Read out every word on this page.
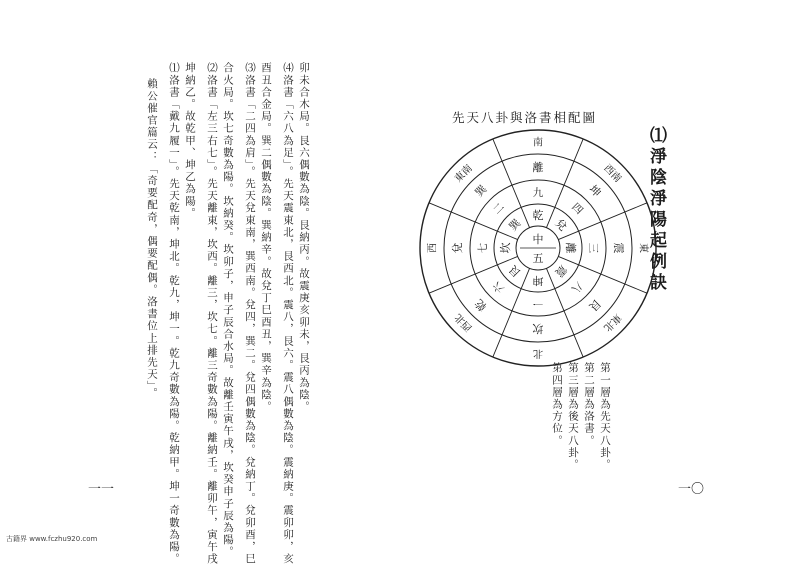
賴公催官篇云：「奇要配奇，偶要配偶。洛書位上排先天」。 ⑴洛書「戴九履一」。先天乾南，坤北。乾九，坤一。乾九奇數為陽。乾納甲。坤一奇數為陽。 坤納乙。故乾甲、坤乙為陽。 ⑵洛書「左三右七」。先天離東，坎西。離三，坎七。離三奇數為陽。離納壬。離卯午，寅午戌 合火局。坎七奇數為陽。坎納癸。坎卯子，申子辰合水局。故離壬寅午戌，坎癸申子辰為陽。 ⑶洛書「二四為肩」。先天兌東南，巽西南。兌四，巽二。兌四偶數為陰。兌納丁。兌卯酉，巳 酉丑合金局。巽二偶數為陰。巽納辛。故兌丁巳酉丑，巽辛為陰。 ⑷洛書「六八為足」。先天震東北，艮西北。震八，艮六。震八偶數為陰。震納庚。震卯卯，亥 卯未合木局。艮六偶數為陰。艮納丙。故震庚亥卯未，艮丙為陰。
一一
⑴淨陰淨陽起例訣
先天八卦與洛書相配圖
中
五
乾
兌
離
震
坤
艮
坎
巽
九
四
三
八
一
六
七
二
離
坤
震
艮
坎
乾
兌
巽
南
西南
東
東北
北
西北
西
東南
第一層為先天八卦。
第二層為洛書。
第三層為後天八卦。
第四層為方位。
一〇
古籍界 www.fczhu920.com
